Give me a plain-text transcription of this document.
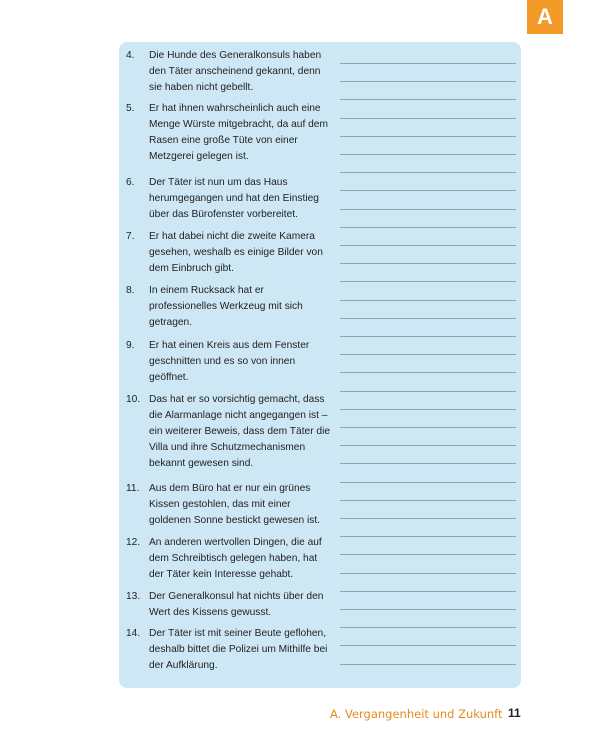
A
4. Die Hunde des Generalkonsuls haben den Täter anscheinend gekannt, denn sie haben nicht gebellt.
5. Er hat ihnen wahrscheinlich auch eine Menge Würste mitgebracht, da auf dem Rasen eine große Tüte von einer Metzgerei gelegen ist.
6. Der Täter ist nun um das Haus herumgegangen und hat den Einstieg über das Bürofenster vorbereitet.
7. Er hat dabei nicht die zweite Kamera gesehen, weshalb es einige Bilder von dem Einbruch gibt.
8. In einem Rucksack hat er professionelles Werkzeug mit sich getragen.
9. Er hat einen Kreis aus dem Fenster geschnitten und es so von innen geöffnet.
10. Das hat er so vorsichtig gemacht, dass die Alarmanlage nicht angegangen ist – ein weiterer Beweis, dass dem Täter die Villa und ihre Schutzmechanismen bekannt gewesen sind.
11. Aus dem Büro hat er nur ein grünes Kissen gestohlen, das mit einer goldenen Sonne bestickt gewesen ist.
12. An anderen wertvollen Dingen, die auf dem Schreibtisch gelegen haben, hat der Täter kein Interesse gehabt.
13. Der Generalkonsul hat nichts über den Wert des Kissens gewusst.
14. Der Täter ist mit seiner Beute geflohen, deshalb bittet die Polizei um Mithilfe bei der Aufklärung.
A. Vergangenheit und Zukunft 11
